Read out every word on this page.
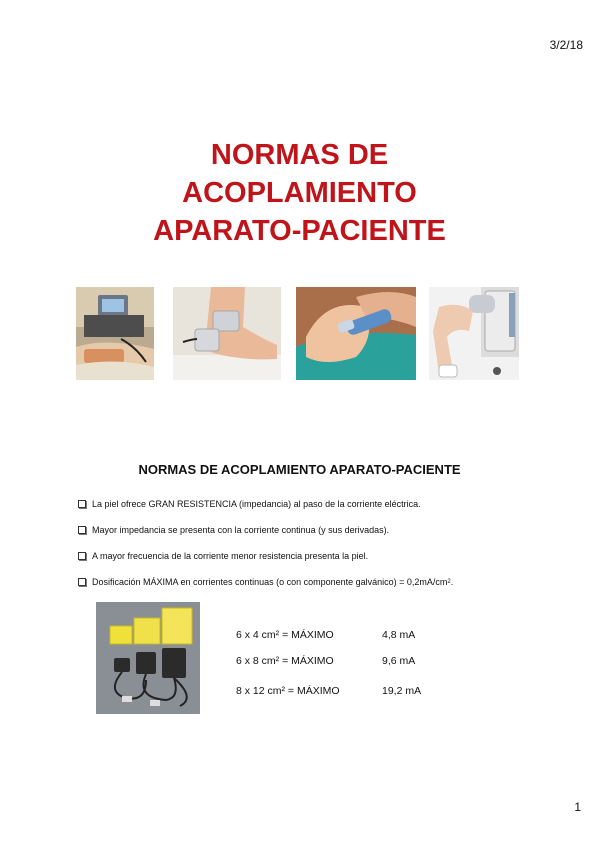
3/2/18
NORMAS DE
ACOPLAMIENTO
APARATO-PACIENTE
NORMAS DE ACOPLAMIENTO APARATO-PACIENTE
La piel ofrece GRAN RESISTENCIA (impedancia) al paso de la corriente eléctrica.
Mayor impedancia se presenta con la corriente continua (y sus derivadas).
A mayor frecuencia de la corriente menor resistencia presenta la piel.
Dosificación MÁXIMA en corrientes continuas (o con componente galvánico) = 0,2mA/cm 2 .
6 x 4 cm² = MÁXIMO	4,8 mA
6 x 8 cm² = MÁXIMO	9,6 mA
8 x 12 cm² = MÁXIMO	19,2 mA
1
